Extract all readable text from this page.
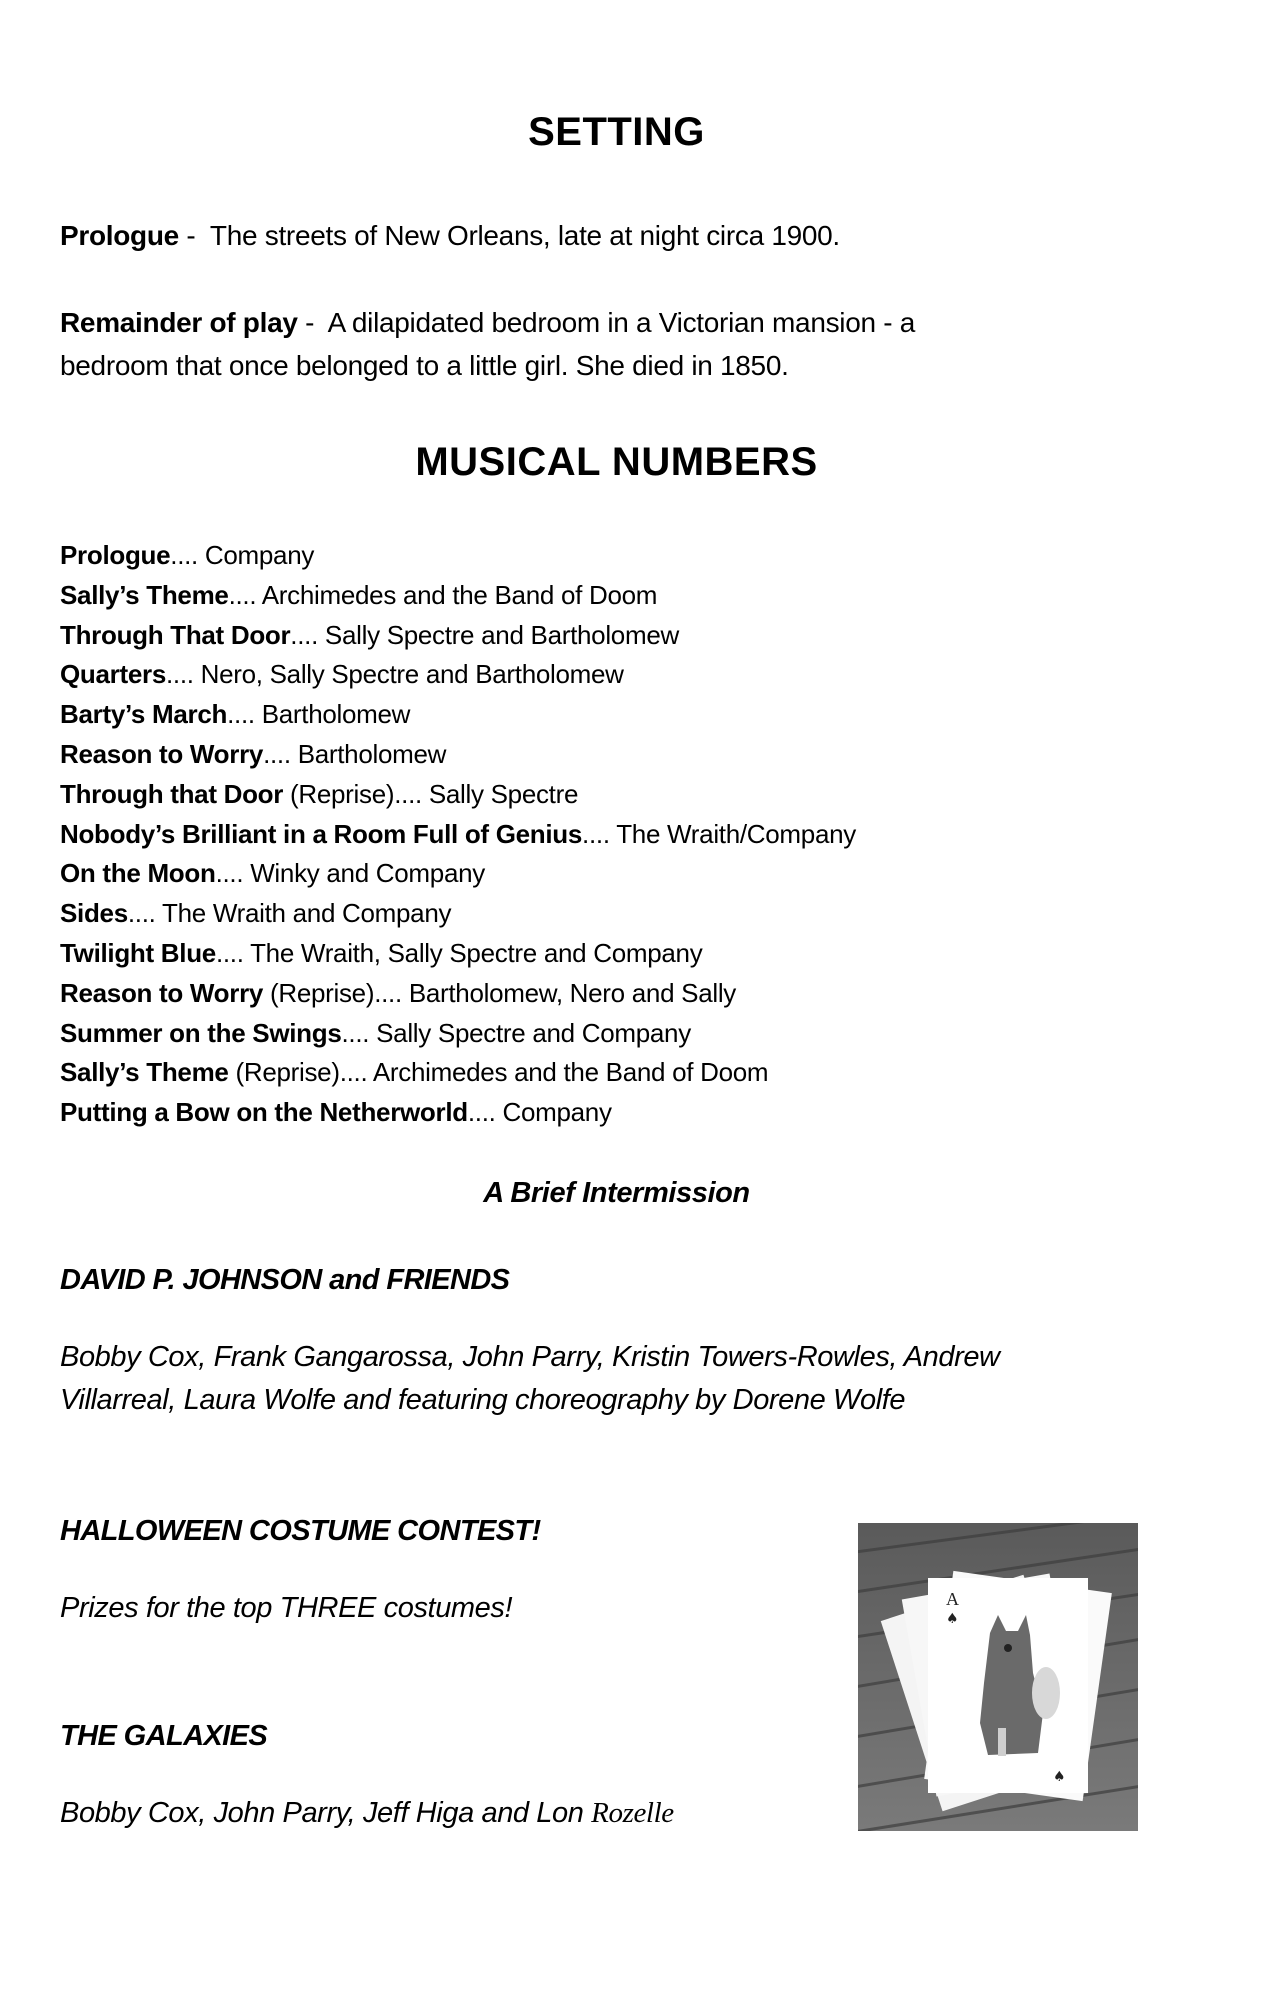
SETTING
Prologue -  The streets of New Orleans, late at night circa 1900.
Remainder of play -  A dilapidated bedroom in a Victorian mansion - a
bedroom that once belonged to a little girl. She died in 1850.
MUSICAL NUMBERS
Prologue.... Company
Sally’s Theme.... Archimedes and the Band of Doom
Through That Door.... Sally Spectre and Bartholomew
Quarters.... Nero, Sally Spectre and Bartholomew
Barty’s March.... Bartholomew
Reason to Worry.... Bartholomew
Through that Door (Reprise).... Sally Spectre
Nobody’s Brilliant in a Room Full of Genius.... The Wraith/Company
On the Moon.... Winky and Company
Sides.... The Wraith and Company
Twilight Blue.... The Wraith, Sally Spectre and Company
Reason to Worry (Reprise).... Bartholomew, Nero and Sally
Summer on the Swings.... Sally Spectre and Company
Sally’s Theme (Reprise).... Archimedes and the Band of Doom
Putting a Bow on the Netherworld.... Company
A Brief Intermission
DAVID P. JOHNSON and FRIENDS
Bobby Cox, Frank Gangarossa, John Parry, Kristin Towers-Rowles, Andrew
Villarreal, Laura Wolfe and featuring choreography by Dorene Wolfe
HALLOWEEN COSTUME CONTEST!
Prizes for the top THREE costumes!
THE GALAXIES
Bobby Cox, John Parry, Jeff Higa and Lon Rozelle
A
♠
♠
